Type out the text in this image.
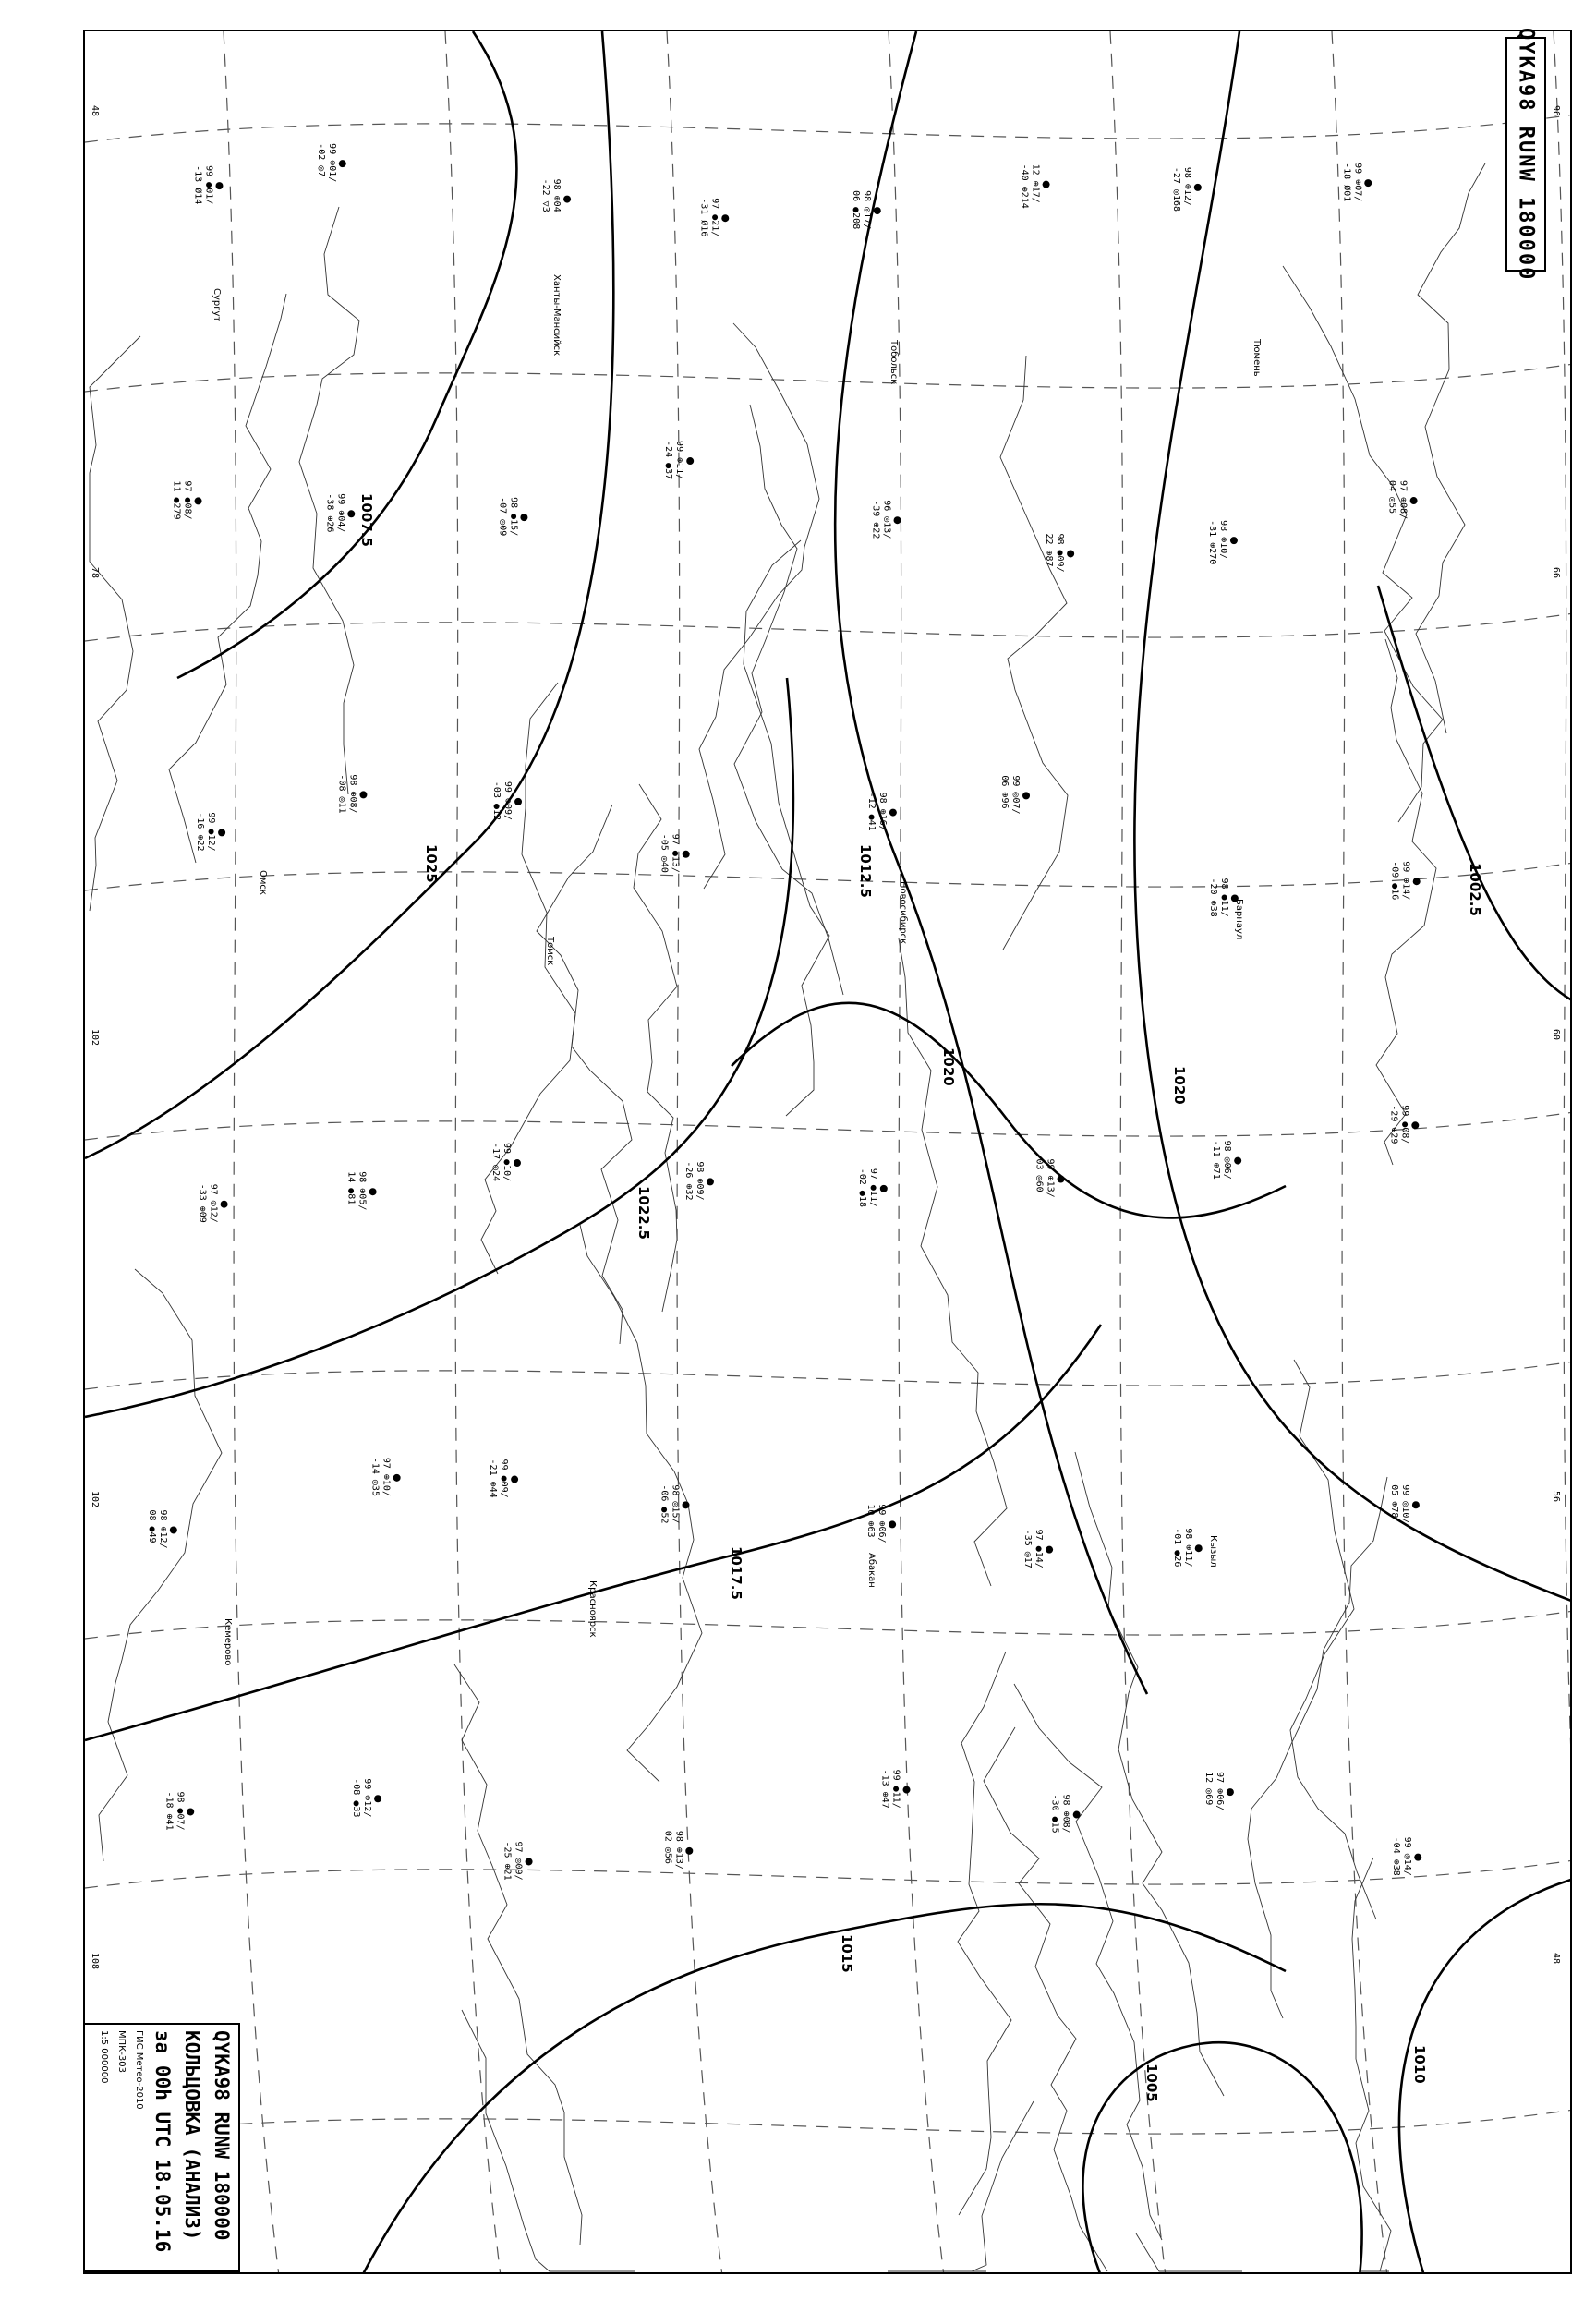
1012.5
1020
1025
1022.5
1017.5
1015
1010
1007.5
1005
1002.5
1020
99 ●01/
-13 Ø14
99 ⊕01/
-02 ◎7
98 ⊕04
-22 ▽3
97 ●21/
-31 Ø16	98 ◎17/
06 ●208
12 ⊕17/
-40 ⊕214	98 ⊕12/
-27 ◎168	99 ⊕07/
-18 Ø01
97 ●08/
11 ●279	99 ⊕04/
-38 ⊕26	98 ●15/
-07 ◎09
99 ⊕11/
-24 ●37
96 ◎13/
-39 ⊕22
98 ●09/
22 ⊕87	98 ⊕10/
-31 ⊕270
97 ⊕08/
04 ◎55
99 ●12/
-16 ⊕22
98 ⊕08/
-08 ◎11	99 ⊕09/
-03 ●12
97 ●13/
-05 ◎40
98 ⊕16/
-12 ●41	99 ◎07/
06 ⊕96
98 ●11/
-20 ⊕38	99 ⊕14/
-09 ●16
97 ◎12/
-33 ⊕09	98 ⊕05/
14 ●81
99 ●10/
-17 ◎24	98 ⊕09/
-26 ⊕32	97 ●11/
-02 ●18	99 ⊕13/
03 ◎60	98 ◎06/
-11 ⊕71
99 ●08/
-29 ⊕29
98 ⊕12/
08 ●49
97 ⊕10/
-14 ◎35	99 ●09/
-21 ⊕44
98 ◎15/
-06 ●52	99 ⊕06/
10 ⊕63
97 ●14/
-35 ◎17	98 ⊕11/
-01 ●26
99 ◎10/
05 ⊕78
98 ●07/
-18 ⊕41	99 ⊕12/
-08 ●33
97 ◎09/
-25 ⊕21	98 ⊕13/
02 ◎56
99 ●11/
-13 ⊕47
98 ⊕08/
-30 ●15
97 ⊕06/
12 ◎69
99 ◎14/
-04 ⊕38
Сургут	Ханты-Мансийск
Тобольск	Тюмень
Омск
Томск
Новосибирск	Барнаул
Кемерово
Красноярск
Абакан
Кызыл
48
78
102
102
108
96
66
60
56
48
QYKA98 RUNW 180000
QYKA98 RUNW 180000
КОЛЬЦОВКА (АНАЛИЗ)
за 00h UTC 18.05.16
ГИС Метео-2010
МПК-303
1:5 000000
